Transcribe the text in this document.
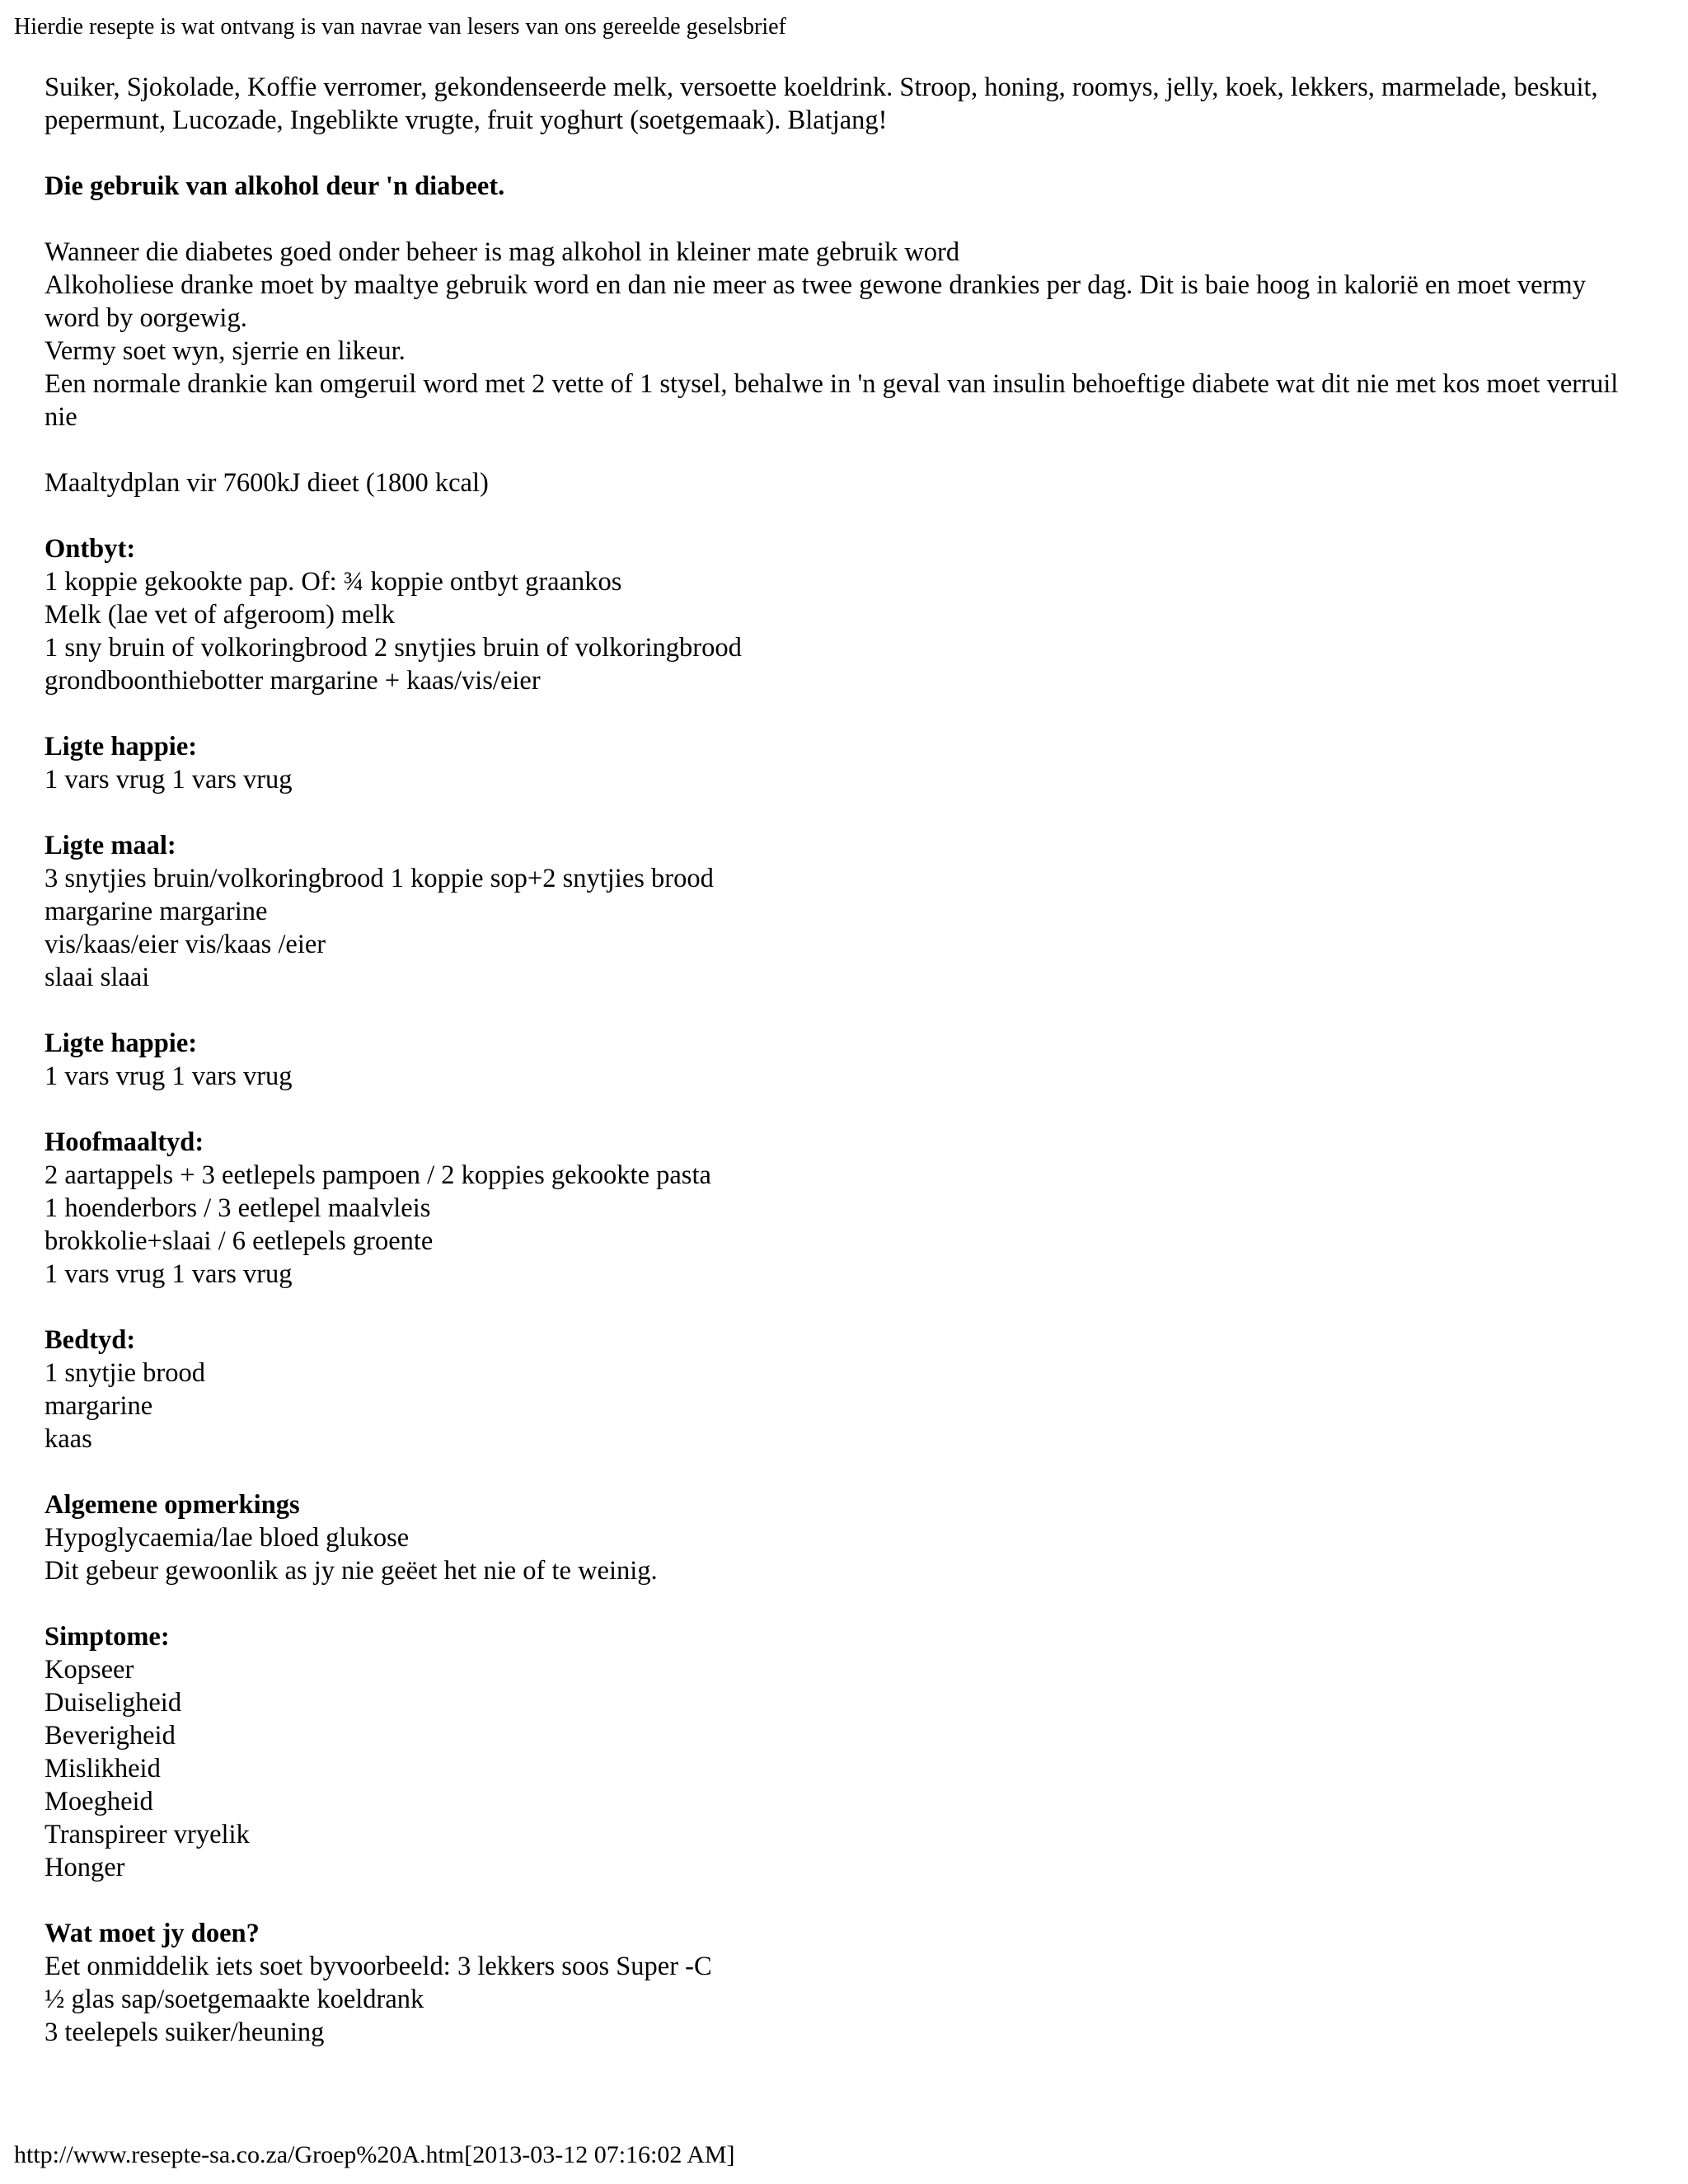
Hierdie resepte is wat ontvang is van navrae van lesers van ons gereelde geselsbrief
Suiker, Sjokolade, Koffie verromer, gekondenseerde melk, versoette koeldrink. Stroop, honing, roomys, jelly, koek, lekkers, marmelade, beskuit,
pepermunt, Lucozade, Ingeblikte vrugte, fruit yoghurt (soetgemaak). Blatjang!
Die gebruik van alkohol deur 'n diabeet.
Wanneer die diabetes goed onder beheer is mag alkohol in kleiner mate gebruik word
Alkoholiese dranke moet by maaltye gebruik word en dan nie meer as twee gewone drankies per dag. Dit is baie hoog in kalorië en moet vermy
word by oorgewig.
Vermy soet wyn, sjerrie en likeur.
Een normale drankie kan omgeruil word met 2 vette of 1 stysel, behalwe in 'n geval van insulin behoeftige diabete wat dit nie met kos moet verruil
nie
Maaltydplan vir 7600kJ dieet (1800 kcal)
Ontbyt:
1 koppie gekookte pap. Of: ¾ koppie ontbyt graankos
Melk (lae vet of afgeroom) melk
1 sny bruin of volkoringbrood 2 snytjies bruin of volkoringbrood
grondboonthiebotter margarine + kaas/vis/eier
Ligte happie:
1 vars vrug 1 vars vrug
Ligte maal:
3 snytjies bruin/volkoringbrood 1 koppie sop+2 snytjies brood
margarine margarine
vis/kaas/eier vis/kaas /eier
slaai slaai
Ligte happie:
1 vars vrug 1 vars vrug
Hoofmaaltyd:
2 aartappels + 3 eetlepels pampoen / 2 koppies gekookte pasta
1 hoenderbors / 3 eetlepel maalvleis
brokkolie+slaai / 6 eetlepels groente
1 vars vrug 1 vars vrug
Bedtyd:
1 snytjie brood
margarine
kaas
Algemene opmerkings
Hypoglycaemia/lae bloed glukose
Dit gebeur gewoonlik as jy nie geëet het nie of te weinig.
Simptome:
Kopseer
Duiseligheid
Beverigheid
Mislikheid
Moegheid
Transpireer vryelik
Honger
Wat moet jy doen?
Eet onmiddelik iets soet byvoorbeeld: 3 lekkers soos Super -C
½ glas sap/soetgemaakte koeldrank
3 teelepels suiker/heuning
http://www.resepte-sa.co.za/Groep%20A.htm[2013-03-12 07:16:02 AM]
